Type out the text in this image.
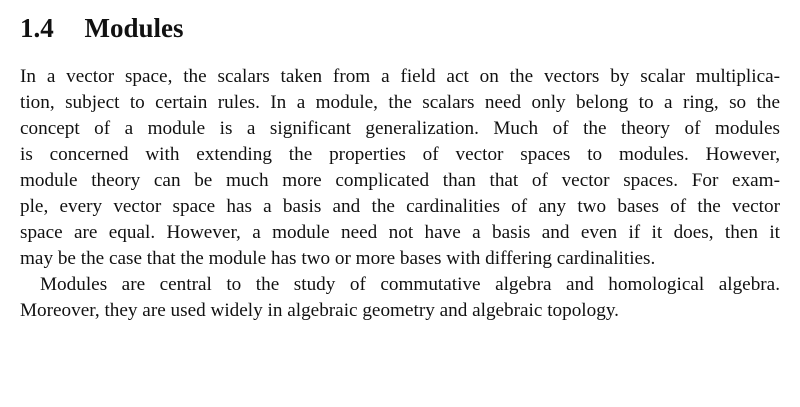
1.4 Modules
In a vector space, the scalars taken from a field act on the vectors by scalar multiplica-
tion, subject to certain rules. In a module, the scalars need only belong to a ring, so the
concept of a module is a significant generalization. Much of the theory of modules
is concerned with extending the properties of vector spaces to modules. However,
module theory can be much more complicated than that of vector spaces. For exam-
ple, every vector space has a basis and the cardinalities of any two bases of the vector
space are equal. However, a module need not have a basis and even if it does, then it
may be the case that the module has two or more bases with differing cardinalities.
Modules are central to the study of commutative algebra and homological algebra.
Moreover, they are used widely in algebraic geometry and algebraic topology.
